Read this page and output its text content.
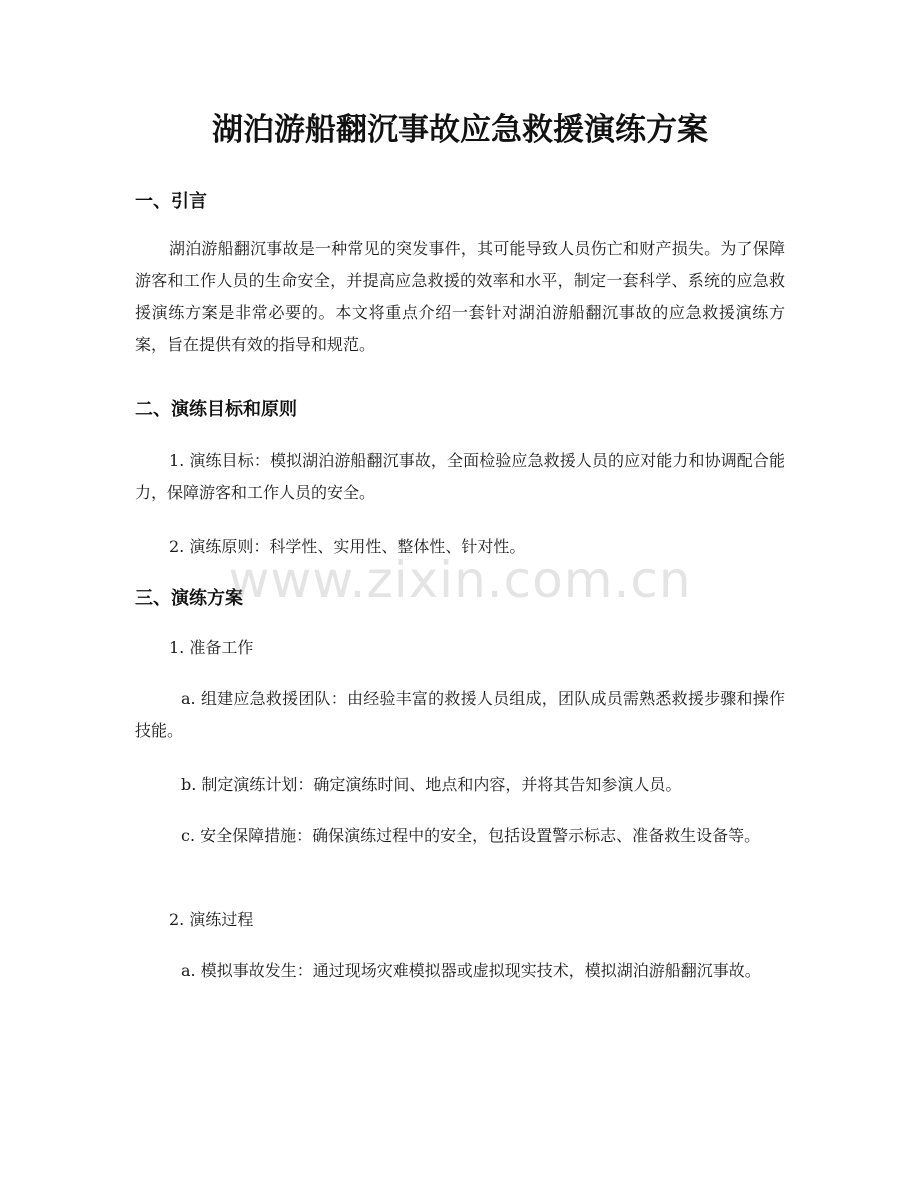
湖泊游船翻沉事故应急救援演练方案
一、引言

湖泊游船翻沉事故是一种常见的突发事件，其可能导致人员伤亡和财产损失。为了保障游客和工作人员的生命安全，并提高应急救援的效率和水平，制定一套科学、系统的应急救援演练方案是非常必要的。本文将重点介绍一套针对湖泊游船翻沉事故的应急救援演练方案，旨在提供有效的指导和规范。

二、演练目标和原则

1. 演练目标：模拟湖泊游船翻沉事故，全面检验应急救援人员的应对能力和协调配合能力，保障游客和工作人员的安全。

2. 演练原则：科学性、实用性、整体性、针对性。

三、演练方案

1. 准备工作

a. 组建应急救援团队：由经验丰富的救援人员组成，团队成员需熟悉救援步骤和操作技能。

b. 制定演练计划：确定演练时间、地点和内容，并将其告知参演人员。

c. 安全保障措施：确保演练过程中的安全，包括设置警示标志、准备救生设备等。

2. 演练过程

a. 模拟事故发生：通过现场灾难模拟器或虚拟现实技术，模拟湖泊游船翻沉事故。

www.zixin.com.cn
